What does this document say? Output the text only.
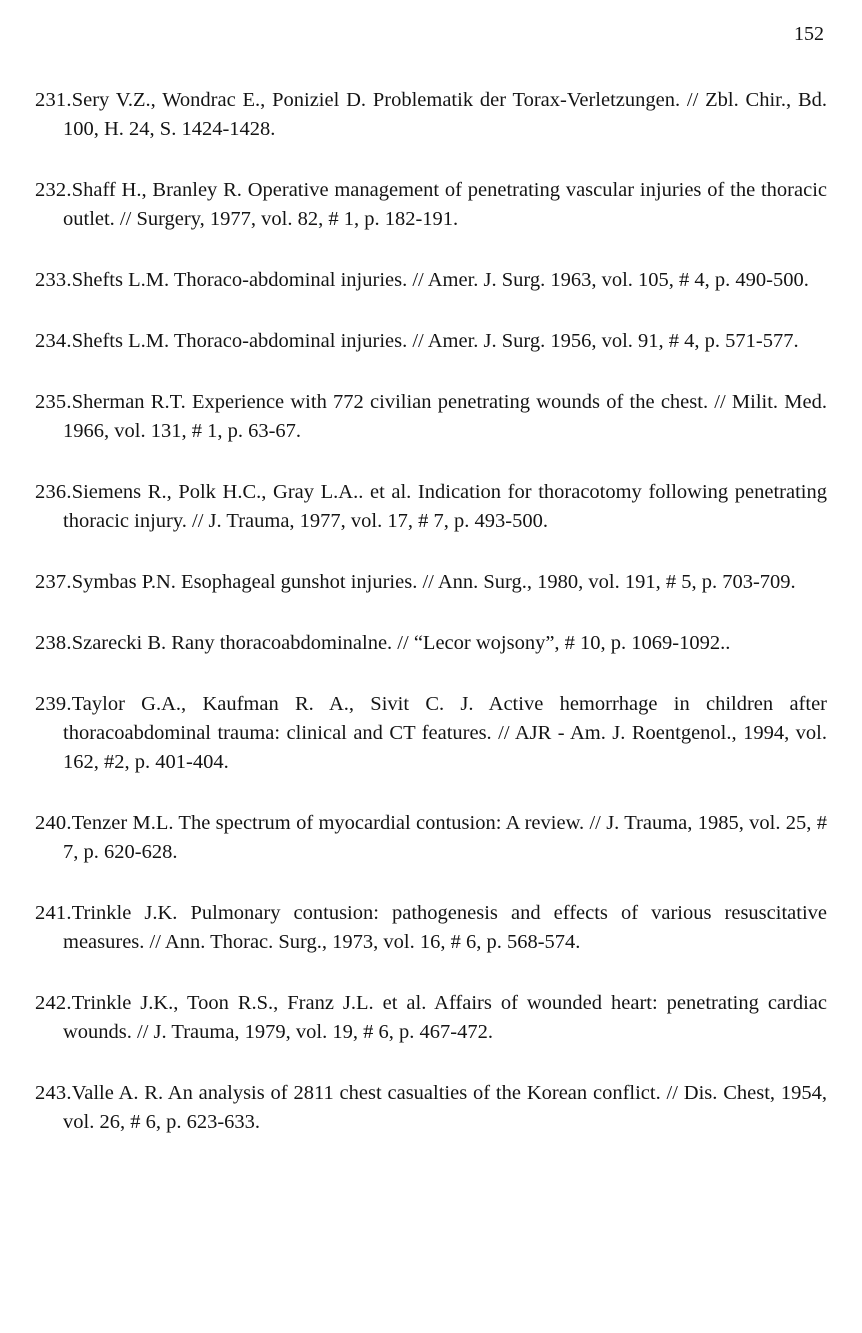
152
231.Sery V.Z., Wondrac E., Poniziel D. Problematik der Torax-Verletzungen. // Zbl. Chir., Bd. 100, H. 24, S. 1424-1428.
232.Shaff H., Branley R. Operative management of penetrating vascular injuries of the thoracic outlet. // Surgery, 1977, vol. 82, # 1, p. 182-191.
233.Shefts L.M. Thoraco-abdominal injuries. // Amer. J. Surg. 1963, vol. 105, # 4, p. 490-500.
234.Shefts L.M. Thoraco-abdominal injuries. // Amer. J. Surg. 1956, vol. 91, # 4, p. 571-577.
235.Sherman R.T. Experience with 772 civilian penetrating wounds of the chest. // Milit. Med. 1966, vol. 131, # 1, p. 63-67.
236.Siemens R., Polk H.C., Gray L.A.. et al. Indication for thoracotomy following penetrating thoracic injury. // J. Trauma, 1977, vol. 17, # 7, p. 493-500.
237.Symbas P.N. Esophageal gunshot injuries. // Ann. Surg., 1980, vol. 191, # 5, p. 703-709.
238.Szarecki B. Rany thoracoabdominalne. // “Lecor wojsony”, # 10, p. 1069-1092..
239.Taylor G.A., Kaufman R. A., Sivit C. J. Active hemorrhage in children after thoracoabdominal trauma: clinical and CT features. // AJR - Am. J. Roentgenol., 1994, vol. 162, #2, p. 401-404.
240.Tenzer M.L. The spectrum of myocardial contusion: A review. // J. Trauma, 1985, vol. 25, # 7, p. 620-628.
241.Trinkle J.K. Pulmonary contusion: pathogenesis and effects of various resuscitative measures. // Ann. Thorac. Surg., 1973, vol. 16, # 6, p. 568-574.
242.Trinkle J.K., Toon R.S., Franz J.L. et al. Affairs of wounded heart: penetrating cardiac wounds. // J. Trauma, 1979, vol. 19, # 6, p. 467-472.
243.Valle A. R. An analysis of 2811 chest casualties of the Korean conflict. // Dis. Chest, 1954, vol. 26, # 6, p. 623-633.
